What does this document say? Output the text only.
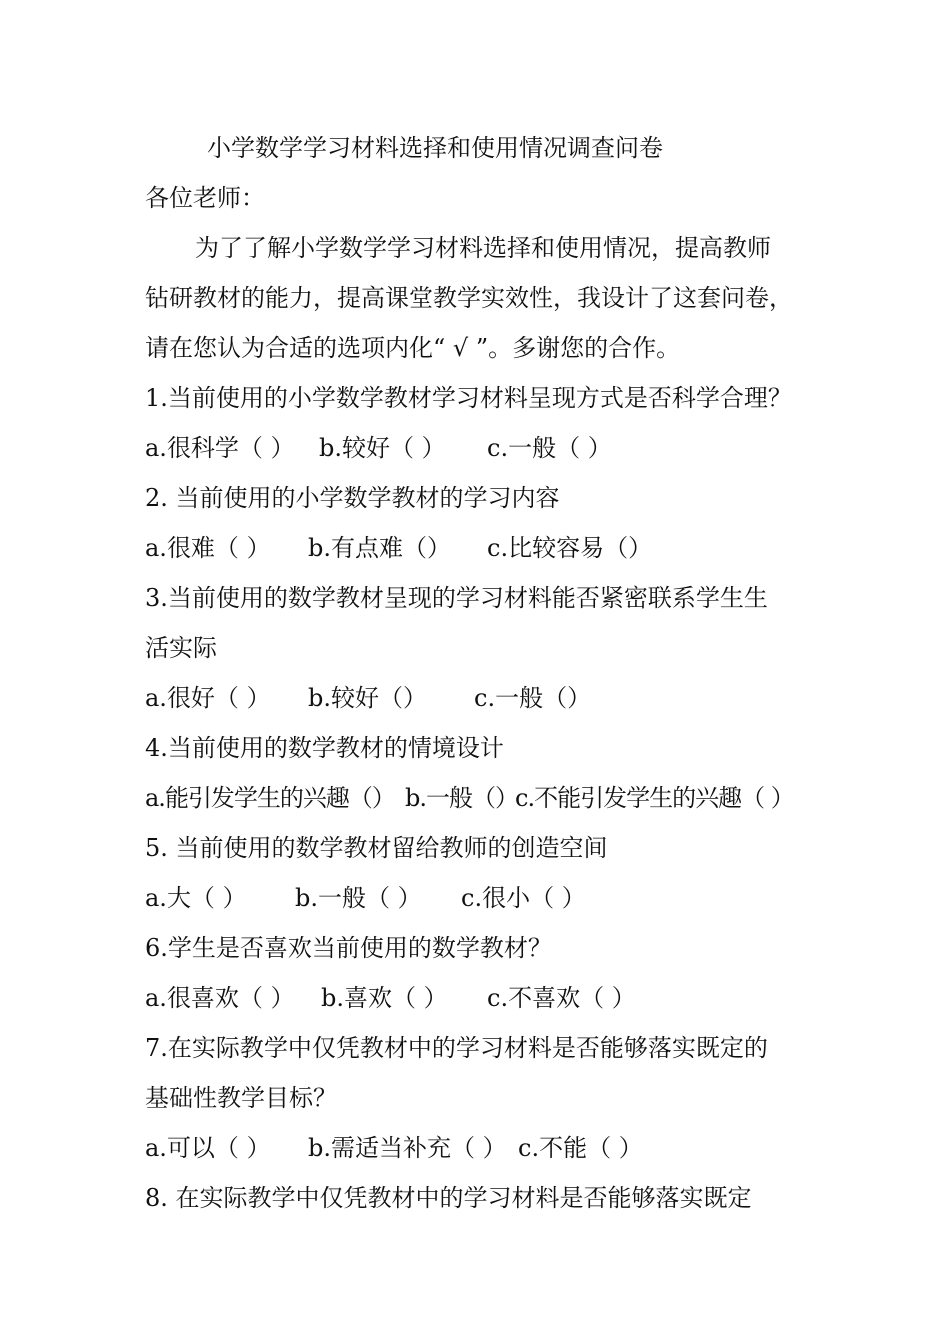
小学数学学习材料选择和使用情况调查问卷
各位老师：
为了了解小学数学学习材料选择和使用情况，提高教师
钻研教材的能力，提高课堂教学实效性，我设计了这套问卷，
请在您认为合适的选项内化“ √ ”。多谢您的合作。
1.当前使用的小学数学教材学习材料呈现方式是否科学合理？
a.很科学（ ） b.较好（ ） c.一般（ ）
2. 当前使用的小学数学教材的学习内容
a.很难（ ） b.有点难（） c.比较容易（）
3.当前使用的数学教材呈现的学习材料能否紧密联系学生生
活实际
a.很好（ ） b.较好（） c.一般（）
4.当前使用的数学教材的情境设计
a.能引发学生的兴趣（） b.一般（）c.不能引发学生的兴趣（ ）
5. 当前使用的数学教材留给教师的创造空间
a.大（ ） b.一般（ ） c.很小（ ）
6.学生是否喜欢当前使用的数学教材？
a.很喜欢（ ） b.喜欢（ ） c.不喜欢（ ）
7.在实际教学中仅凭教材中的学习材料是否能够落实既定的
基础性教学目标？
a.可以（ ） b.需适当补充（ ） c.不能（ ）
8. 在实际教学中仅凭教材中的学习材料是否能够落实既定
